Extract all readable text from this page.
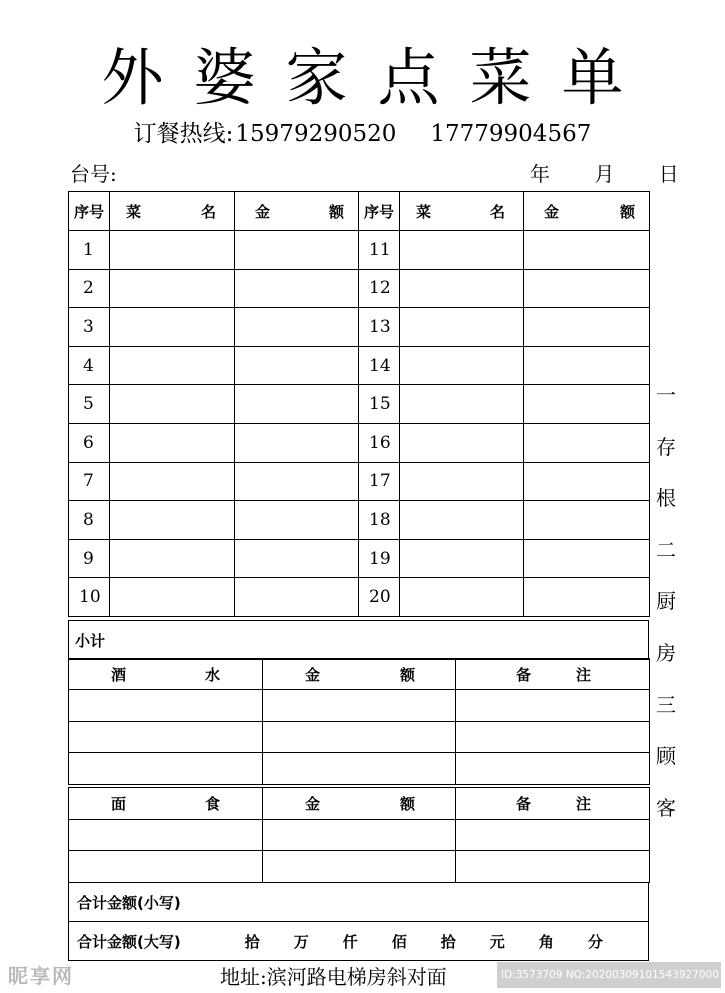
外婆家点菜单
订餐热线:15979290520 17779904567
台号:	年 月 日
序号	菜 名	金 额	序号	菜 名	金 额

1			11		
2			12		
3			13		
4			14		
5			15		
6			16		
7			17		
8			18		
9			19		
10			20		
小计
酒 水	金 额	备 注

面 食	金 额	备 注

合计金额(小写)
合计金额(大写)	拾 万 仟 佰 拾 元 角 分
一
存
根
二
厨
房
三
顾
客
地址:滨河路电梯房斜对面
昵享网	ID:3573709 NO:20200309101543927000
